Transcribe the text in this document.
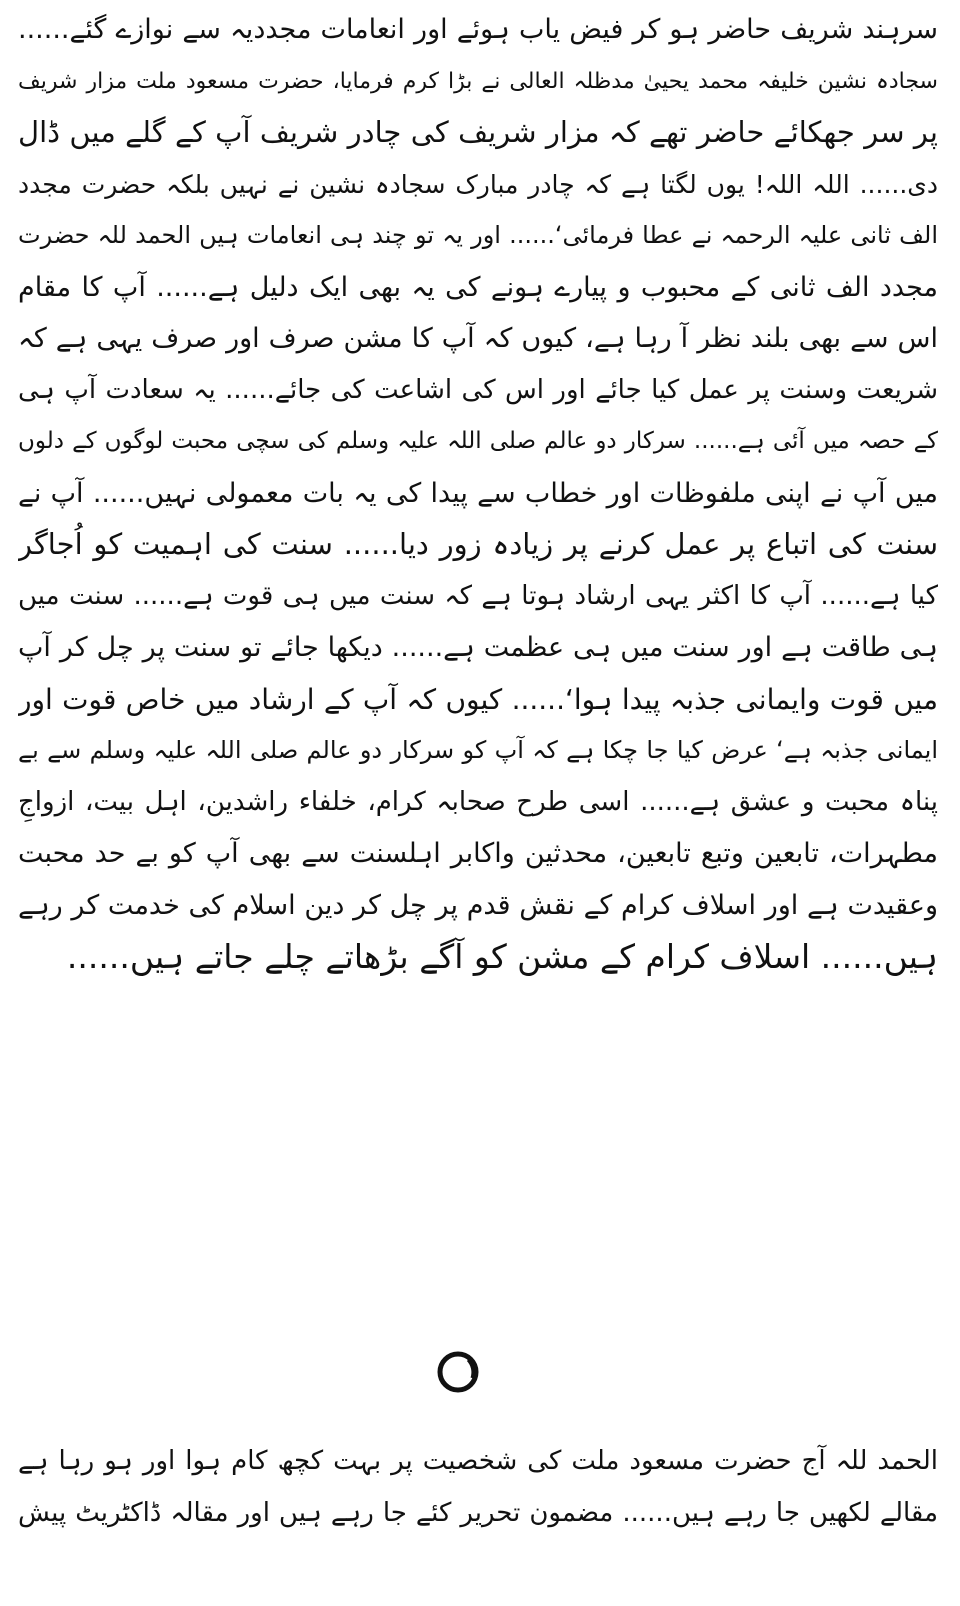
سرہند شریف حاضر ہو کر فیض یاب ہوئے اور انعامات مجددیہ سے نوازے گئے......
سجادہ نشین خلیفہ محمد یحییٰ مدظلہ العالی نے بڑا کرم فرمایا، حضرت مسعود ملت مزار شریف
پر سر جھکائے حاضر تھے کہ مزار شریف کی چادر شریف آپ کے گلے میں ڈال
دی...... اللہ اللہ! یوں لگتا ہے کہ چادر مبارک سجادہ نشین نے نہیں بلکہ حضرت مجدد
الف ثانی علیہ الرحمہ نے عطا فرمائی‘...... اور یہ تو چند ہی انعامات ہیں الحمد للہ حضرت
مجدد الف ثانی کے محبوب و پیارے ہونے کی یہ بھی ایک دلیل ہے...... آپ کا مقام
اس سے بھی بلند نظر آ رہا ہے، کیوں کہ آپ کا مشن صرف اور صرف یہی ہے کہ
شریعت وسنت پر عمل کیا جائے اور اس کی اشاعت کی جائے...... یہ سعادت آپ ہی
کے حصہ میں آئی ہے...... سرکار دو عالم صلی اللہ علیہ وسلم کی سچی محبت لوگوں کے دلوں
میں آپ نے اپنی ملفوظات اور خطاب سے پیدا کی یہ بات معمولی نہیں...... آپ نے
سنت کی اتباع پر عمل کرنے پر زیادہ زور دیا...... سنت کی اہمیت کو اُجاگر
کیا ہے...... آپ کا اکثر یہی ارشاد ہوتا ہے کہ سنت میں ہی قوت ہے...... سنت میں
ہی طاقت ہے اور سنت میں ہی عظمت ہے...... دیکھا جائے تو سنت پر چل کر آپ
میں قوت وایمانی جذبہ پیدا ہوا‘...... کیوں کہ آپ کے ارشاد میں خاص قوت اور
ایمانی جذبہ ہے‘ عرض کیا جا چکا ہے کہ آپ کو سرکار دو عالم صلی اللہ علیہ وسلم سے بے
پناہ محبت و عشق ہے...... اسی طرح صحابہ کرام، خلفاء راشدین، اہل بیت، ازواجِ
مطہرات، تابعین وتبع تابعین، محدثین واکابر اہلسنت سے بھی آپ کو بے حد محبت
وعقیدت ہے اور اسلاف کرام کے نقش قدم پر چل کر دین اسلام کی خدمت کر رہے
ہیں...... اسلاف کرام کے مشن کو آگے بڑھاتے چلے جاتے ہیں......
الحمد للہ آج حضرت مسعود ملت کی شخصیت پر بہت کچھ کام ہوا اور ہو رہا ہے
مقالے لکھیں جا رہے ہیں...... مضمون تحریر کئے جا رہے ہیں اور مقالہ ڈاکٹریٹ پیش
